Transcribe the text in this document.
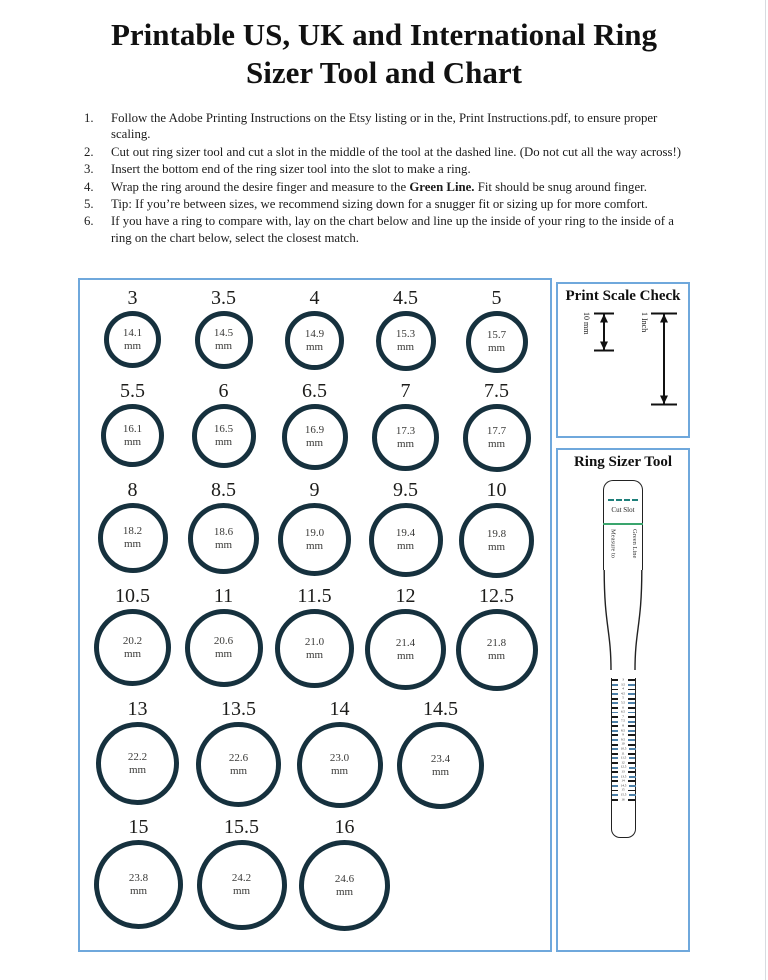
Printable US, UK and International Ring
Sizer Tool and Chart
1.	Follow the Adobe Printing Instructions on the Etsy listing or in the, Print Instructions.pdf, to ensure proper scaling.
2.	Cut out ring sizer tool and cut a slot in the middle of the tool at the dashed line. (Do not cut all the way across!)
3.	Insert the bottom end of the ring sizer tool into the slot to make a ring.
4.	Wrap the ring around the desire finger and measure to the Green Line. Fit should be snug around finger.
5.	Tip: If you’re between sizes, we recommend sizing down for a snugger fit or sizing up for more comfort.
6.	If you have a ring to compare with, lay on the chart below and line up the inside of your ring to the inside of a ring on the chart below, select the closest match.
3
14.1
mm
3.5
14.5
mm
4
14.9
mm
4.5
15.3
mm
5
15.7
mm
5.5
16.1
mm
6
16.5
mm
6.5
16.9
mm
7
17.3
mm
7.5
17.7
mm
8
18.2
mm
8.5
18.6
mm
9
19.0
mm
9.5
19.4
mm
10
19.8
mm
10.5
20.2
mm
11
20.6
mm
11.5
21.0
mm
12
21.4
mm
12.5
21.8
mm
13
22.2
mm
13.5
22.6
mm
14
23.0
mm
14.5
23.4
mm
15
23.8
mm
15.5
24.2
mm
16
24.6
mm
Print Scale Check
10 mm	1 Inch
Ring Sizer Tool
Cut Slot
Measure to Green Line
3
3.5
4
4.5
5
5.5
6
6.5
7
7.5
8
8.5
9
9.5
10
10.5
11
11.5
12
12.5
13
13.5
14
14.5
15
15.5
16
